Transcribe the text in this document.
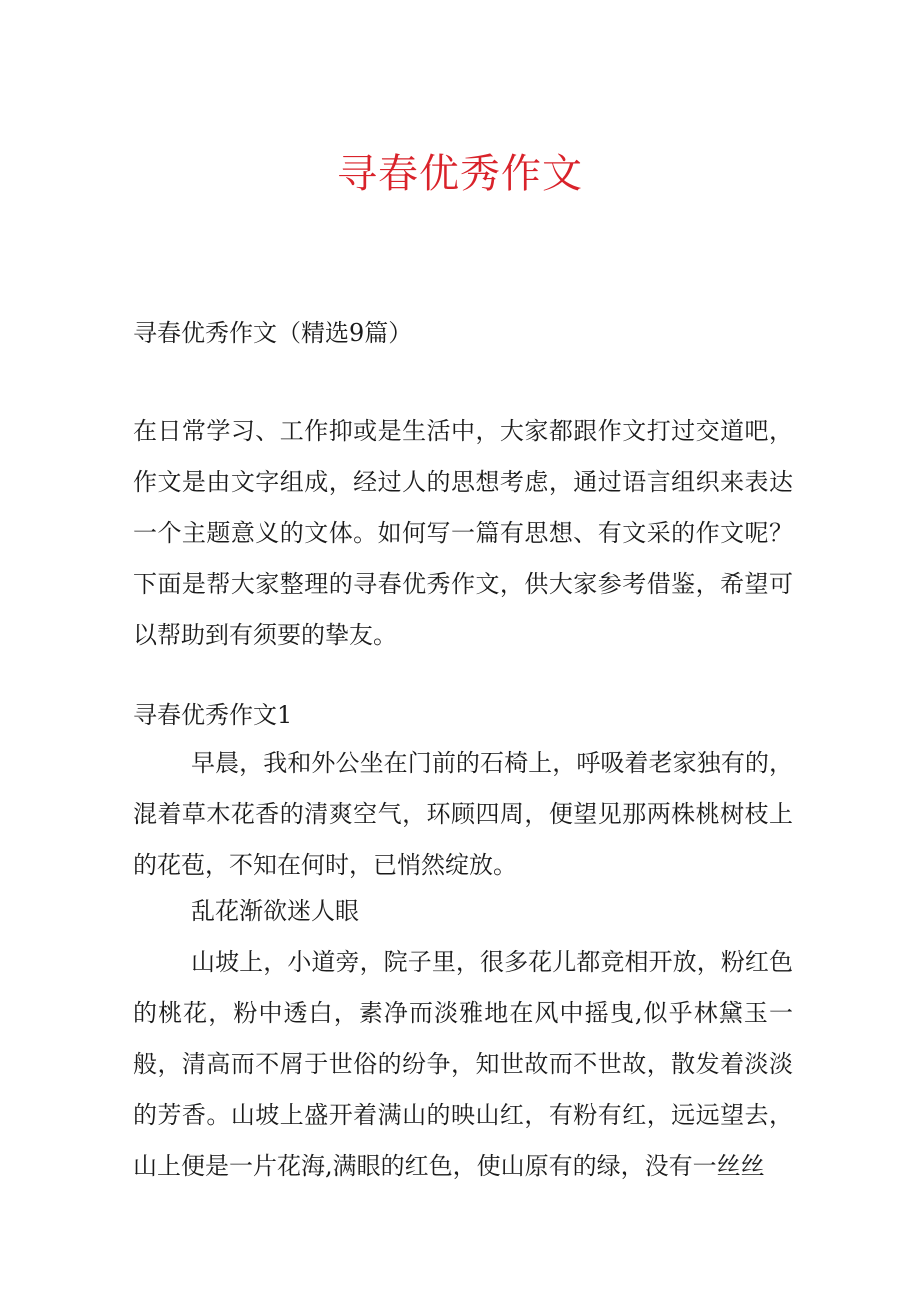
寻春优秀作文

寻春优秀作文（精选9篇）

在日常学习、工作抑或是生活中，大家都跟作文打过交道吧，作文是由文字组成，经过人的思想考虑，通过语言组织来表达一个主题意义的文体。如何写一篇有思想、有文采的作文呢？下面是帮大家整理的寻春优秀作文，供大家参考借鉴，希望可以帮助到有须要的挚友。

寻春优秀作文1

早晨，我和外公坐在门前的石椅上，呼吸着老家独有的，混着草木花香的清爽空气，环顾四周，便望见那两株桃树枝上的花苞，不知在何时，已悄然绽放。

乱花渐欲迷人眼

山坡上，小道旁，院子里，很多花儿都竞相开放，粉红色的桃花，粉中透白，素净而淡雅地在风中摇曳,似乎林黛玉一般，清高而不屑于世俗的纷争，知世故而不世故，散发着淡淡的芳香。山坡上盛开着满山的映山红，有粉有红，远远望去，山上便是一片花海,满眼的红色，使山原有的绿，没有一丝丝
